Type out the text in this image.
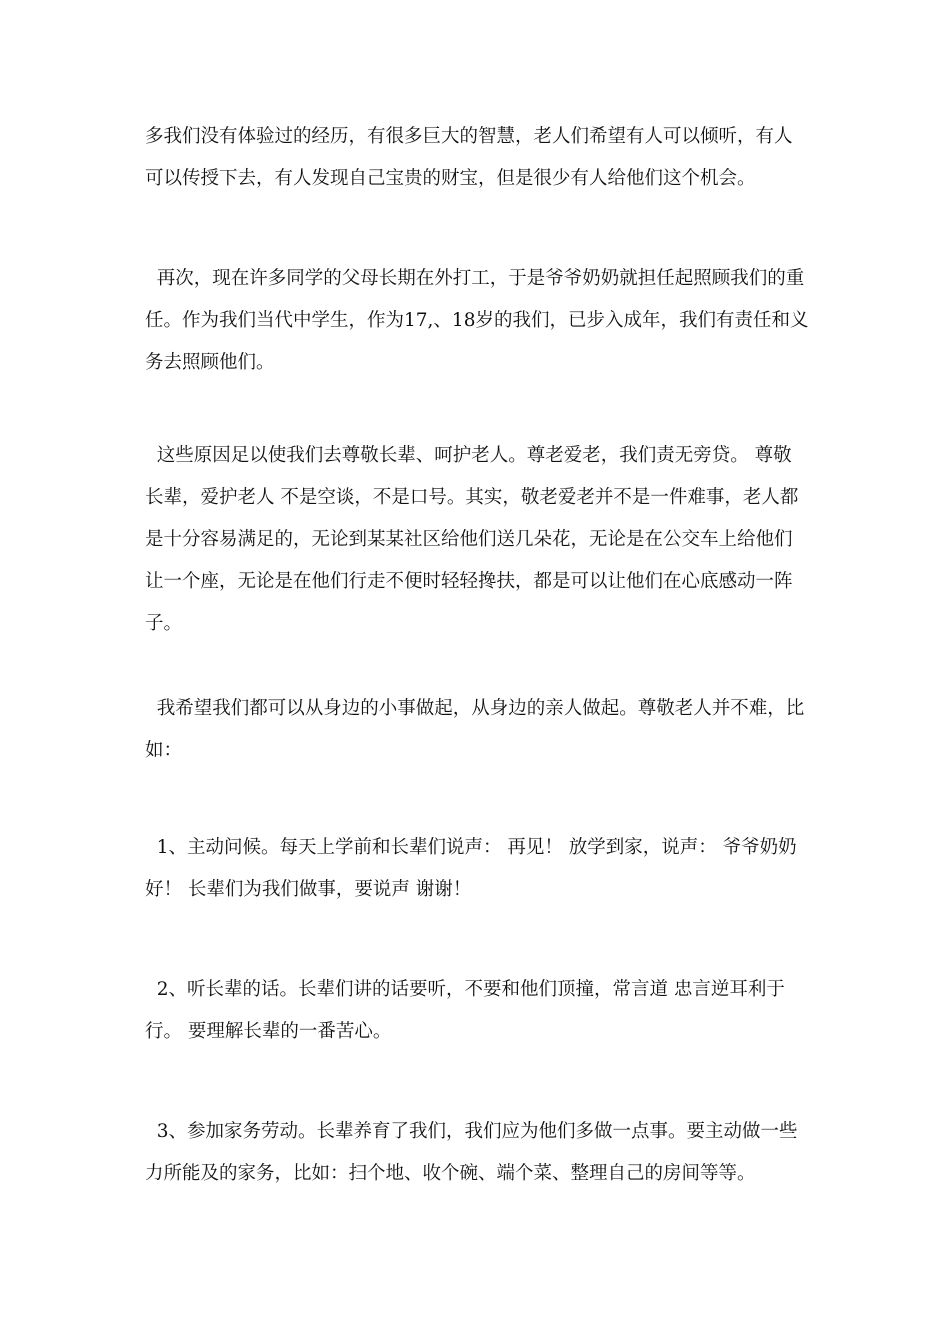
多我们没有体验过的经历，有很多巨大的智慧，老人们希望有人可以倾听，有人可以传授下去，有人发现自己宝贵的财宝，但是很少有人给他们这个机会。

再次，现在许多同学的父母长期在外打工，于是爷爷奶奶就担任起照顾我们的重任。作为我们当代中学生，作为17,、18岁的我们，已步入成年，我们有责任和义务去照顾他们。

这些原因足以使我们去尊敬长辈、呵护老人。尊老爱老，我们责无旁贷。 尊敬长辈，爱护老人 不是空谈，不是口号。其实，敬老爱老并不是一件难事，老人都是十分容易满足的，无论到某某社区给他们送几朵花，无论是在公交车上给他们让一个座，无论是在他们行走不便时轻轻搀扶，都是可以让他们在心底感动一阵子。

我希望我们都可以从身边的小事做起，从身边的亲人做起。尊敬老人并不难，比如：

1、主动问候。每天上学前和长辈们说声： 再见！ 放学到家，说声： 爷爷奶奶好！ 长辈们为我们做事，要说声 谢谢！

2、听长辈的话。长辈们讲的话要听，不要和他们顶撞，常言道 忠言逆耳利于行。 要理解长辈的一番苦心。

3、参加家务劳动。长辈养育了我们，我们应为他们多做一点事。要主动做一些力所能及的家务，比如：扫个地、收个碗、端个菜、整理自己的房间等等。
